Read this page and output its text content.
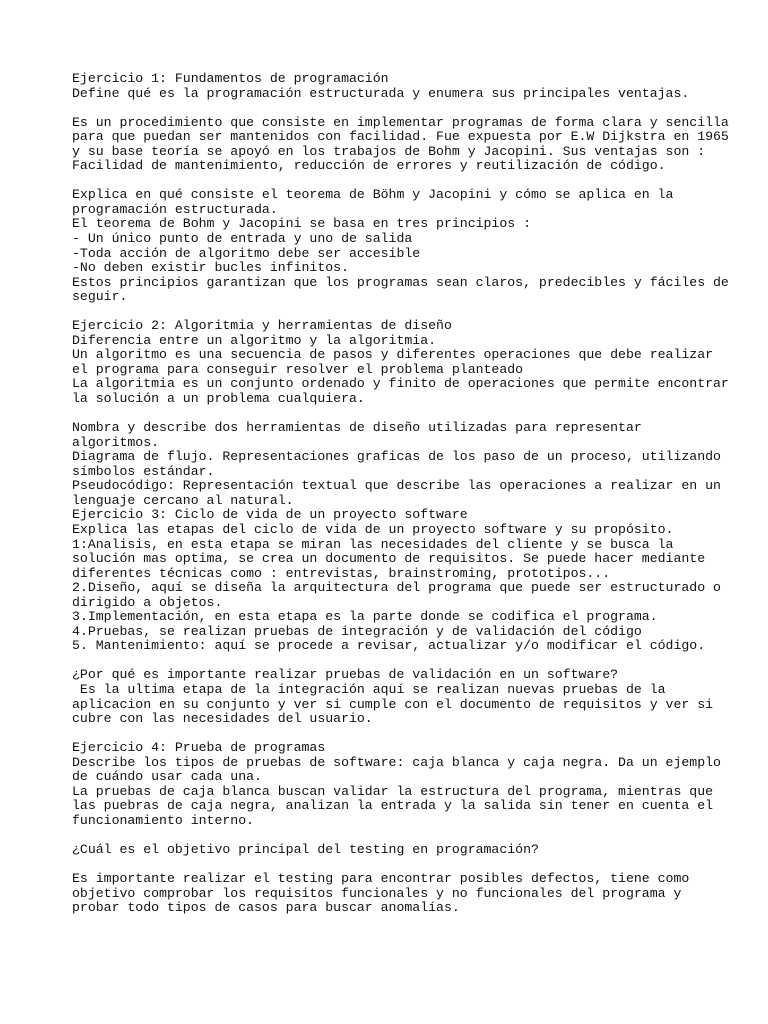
Ejercicio 1: Fundamentos de programación
Define qué es la programación estructurada y enumera sus principales ventajas.
Es un procedimiento que consiste en implementar programas de forma clara y sencilla
para que puedan ser mantenidos con facilidad. Fue expuesta por E.W Dijkstra en 1965
y su base teoría se apoyó en los trabajos de Bohm y Jacopini. Sus ventajas son :
Facilidad de mantenimiento, reducción de errores y reutilización de código.
Explica en qué consiste el teorema de Böhm y Jacopini y cómo se aplica en la
programación estructurada.
El teorema de Bohm y Jacopini se basa en tres principios :
- Un único punto de entrada y uno de salida
-Toda acción de algoritmo debe ser accesible
-No deben existir bucles infinitos.
Estos principios garantizan que los programas sean claros, predecibles y fáciles de
seguir.
Ejercicio 2: Algoritmia y herramientas de diseño
Diferencia entre un algoritmo y la algoritmia.
Un algoritmo es una secuencia de pasos y diferentes operaciones que debe realizar
el programa para conseguir resolver el problema planteado
La algoritmia es un conjunto ordenado y finito de operaciones que permite encontrar
la solución a un problema cualquiera.
Nombra y describe dos herramientas de diseño utilizadas para representar
algoritmos.
Diagrama de flujo. Representaciones graficas de los paso de un proceso, utilizando
símbolos estándar.
Pseudocódigo: Representación textual que describe las operaciones a realizar en un
lenguaje cercano al natural.
Ejercicio 3: Ciclo de vida de un proyecto software
Explica las etapas del ciclo de vida de un proyecto software y su propósito.
1:Analisis, en esta etapa se miran las necesidades del cliente y se busca la
solución mas optima, se crea un documento de requisitos. Se puede hacer mediante
diferentes técnicas como : entrevistas, brainstroming, prototipos...
2.Diseño, aquí se diseña la arquitectura del programa que puede ser estructurado o
dirigido a objetos.
3.Implementación, en esta etapa es la parte donde se codifica el programa.
4.Pruebas, se realizan pruebas de integración y de validación del código
5. Mantenimiento: aquí se procede a revisar, actualizar y/o modificar el código.
¿Por qué es importante realizar pruebas de validación en un software?
Es la ultima etapa de la integración aquí se realizan nuevas pruebas de la
aplicacion en su conjunto y ver si cumple con el documento de requisitos y ver si
cubre con las necesidades del usuario.
Ejercicio 4: Prueba de programas
Describe los tipos de pruebas de software: caja blanca y caja negra. Da un ejemplo
de cuándo usar cada una.
La pruebas de caja blanca buscan validar la estructura del programa, mientras que
las puebras de caja negra, analizan la entrada y la salida sin tener en cuenta el
funcionamiento interno.
¿Cuál es el objetivo principal del testing en programación?
Es importante realizar el testing para encontrar posibles defectos, tiene como
objetivo comprobar los requisitos funcionales y no funcionales del programa y
probar todo tipos de casos para buscar anomalías.
